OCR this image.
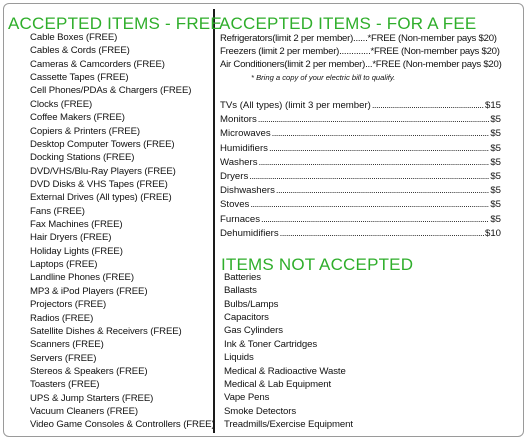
ACCEPTED ITEMS - FREE
Cable Boxes (FREE)
Cables & Cords (FREE)
Cameras & Camcorders (FREE)
Cassette Tapes (FREE)
Cell Phones/PDAs & Chargers (FREE)
Clocks (FREE)
Coffee Makers (FREE)
Copiers & Printers (FREE)
Desktop Computer Towers (FREE)
Docking Stations (FREE)
DVD/VHS/Blu-Ray Players (FREE)
DVD Disks & VHS Tapes (FREE)
External Drives (All types) (FREE)
Fans (FREE)
Fax Machines (FREE)
Hair Dryers (FREE)
Holiday Lights (FREE)
Laptops (FREE)
Landline Phones (FREE)
MP3 & iPod Players (FREE)
Projectors (FREE)
Radios (FREE)
Satellite Dishes & Receivers (FREE)
Scanners (FREE)
Servers (FREE)
Stereos & Speakers (FREE)
Toasters (FREE)
UPS & Jump Starters (FREE)
Vacuum Cleaners (FREE)
Video Game Consoles & Controllers (FREE)
ACCEPTED ITEMS - FOR A FEE
Refrigerators(limit 2 per member)......*FREE (Non-member pays $20)
Freezers (limit 2 per member).............*FREE (Non-member pays $20)
Air Conditioners(limit 2 per member)...*FREE (Non-member pays $20)
* Bring a copy of your electric bill to qualify.
TVs (All types) (limit 3 per member) .....	$15
Monitors .....	$5
Microwaves .....	$5
Humidifiers .....	$5
Washers .....	$5
Dryers .....	$5
Dishwashers .....	$5
Stoves .....	$5
Furnaces .....	$5
Dehumidifiers .....	$10
ITEMS NOT ACCEPTED
Batteries
Ballasts
Bulbs/Lamps
Capacitors
Gas Cylinders
Ink & Toner Cartridges
Liquids
Medical & Radioactive Waste
Medical & Lab Equipment
Vape Pens
Smoke Detectors
Treadmills/Exercise Equipment
